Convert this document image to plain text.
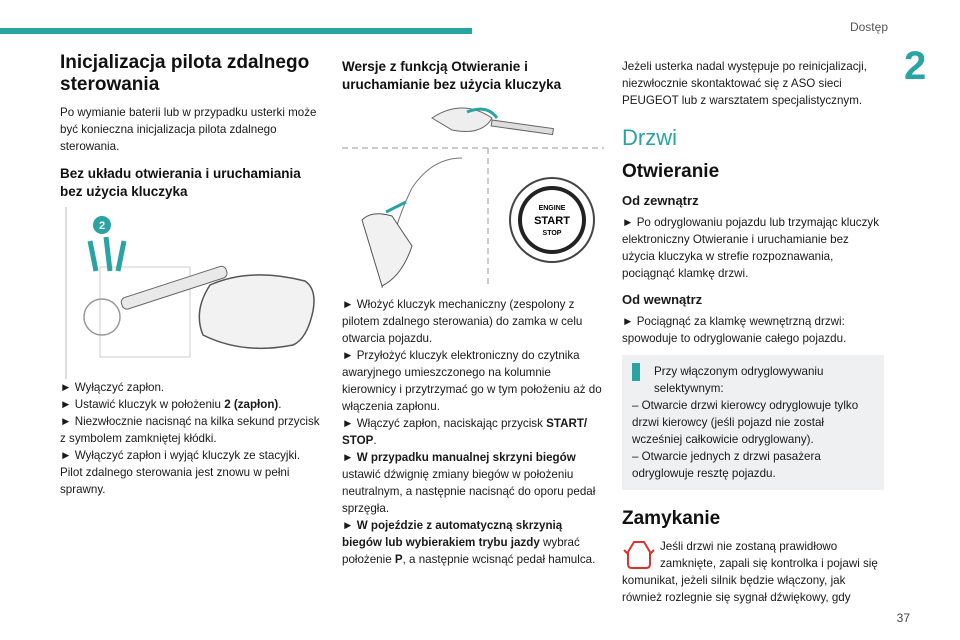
Dostęp
2
37
Inicjalizacja pilota zdalnego sterowania

Po wymianie baterii lub w przypadku usterki może być konieczna inicjalizacja pilota zdalnego sterowania.

Bez układu otwierania i uruchamiania bez użycia kluczyka
2

► Wyłączyć zapłon.
► Ustawić kluczyk w położeniu 2 (zapłon).
► Niezwłocznie nacisnąć na kilka sekund przycisk z symbolem zamkniętej kłódki.
► Wyłączyć zapłon i wyjąć kluczyk ze stacyjki.
Pilot zdalnego sterowania jest znowu w pełni sprawny.

Wersje z funkcją Otwieranie i uruchamianie bez użycia kluczyka
ENGINE
START
STOP

► Włożyć kluczyk mechaniczny (zespolony z pilotem zdalnego sterowania) do zamka w celu otwarcia pojazdu.
► Przyłożyć kluczyk elektroniczny do czytnika awaryjnego umieszczonego na kolumnie kierownicy i przytrzymać go w tym położeniu aż do włączenia zapłonu.
► Włączyć zapłon, naciskając przycisk START/ STOP.
► W przypadku manualnej skrzyni biegów ustawić dźwignię zmiany biegów w położeniu neutralnym, a następnie nacisnąć do oporu pedał sprzęgła.
► W pojeździe z automatyczną skrzynią biegów lub wybierakiem trybu jazdy wybrać położenie P, a następnie wcisnąć pedał hamulca.

Jeżeli usterka nadal występuje po reinicjalizacji, niezwłocznie skontaktować się z ASO sieci PEUGEOT lub z warsztatem specjalistycznym.

Drzwi
Otwieranie
Od zewnątrz

► Po odryglowaniu pojazdu lub trzymając kluczyk elektroniczny Otwieranie i uruchamianie bez użycia kluczyka w strefie rozpoznawania, pociągnąć klamkę drzwi.

Od wewnątrz

► Pociągnąć za klamkę wewnętrzną drzwi: spowoduje to odryglowanie całego pojazdu.

Przy włączonym odryglowywaniu selektywnym:
– Otwarcie drzwi kierowcy odryglowuje tylko drzwi kierowcy (jeśli pojazd nie został wcześniej całkowicie odryglowany).
– Otwarcie jednych z drzwi pasażera odryglowuje resztę pojazdu.
Zamykanie

Jeśli drzwi nie zostaną prawidłowo zamknięte, zapali się kontrolka i pojawi się komunikat, jeżeli silnik będzie włączony, jak również rozlegnie się sygnał dźwiękowy, gdy
